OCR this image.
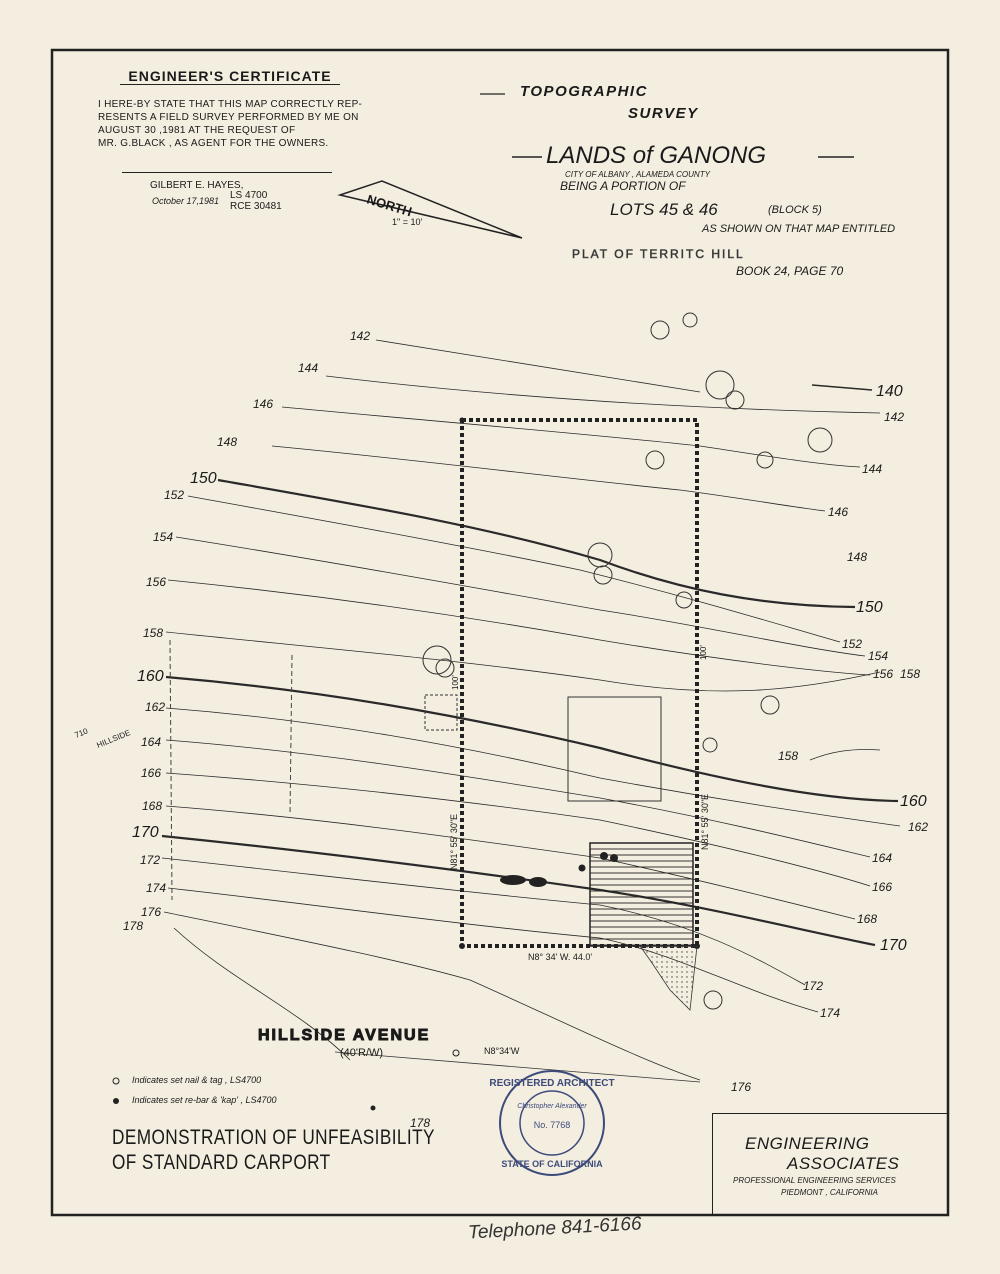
NORTH
1" = 10'
TOPOGRAPHIC
SURVEY
LANDS of GANONG
CITY OF ALBANY , ALAMEDA COUNTY
BEING A PORTION OF
LOTS 45 & 46	(BLOCK 5)
AS SHOWN ON THAT MAP ENTITLED
PLAT OF TERRITC HILL
BOOK 24, PAGE 70
REGISTERED ARCHITECT
Christopher Alexander
No. 7768
STATE OF CALIFORNIA
HILLSIDE AVENUE
(40'R/W)	N8°34'W
HILLSIDE
710
N81° 55' 30"E	N81° 55' 30"E
N8° 34' W. 44.0'
100'
100'
142
144
146
148
150
152
154
156
158
160
162
164
166
168
170
172
174
176
178
140
142
144
146
148
150
152
154
156 158
158
160
162
164
166
168
170
172
174
176
178
ENGINEER'S CERTIFICATE
I HERE-BY STATE THAT THIS MAP CORRECTLY REP-
RESENTS A FIELD SURVEY PERFORMED BY ME ON
AUGUST 30 ,1981 AT THE REQUEST OF
MR. G.BLACK , AS AGENT FOR THE OWNERS.
GILBERT E. HAYES,
October 17,1981 LS 4700
RCE 30481
Indicates set nail & tag , LS4700
Indicates set re-bar & 'kap' , LS4700
DEMONSTRATION OF UNFEASIBILITY
OF STANDARD CARPORT
ENGINEERING
ASSOCIATES
PROFESSIONAL ENGINEERING SERVICES
PIEDMONT , CALIFORNIA
Telephone 841-6166
